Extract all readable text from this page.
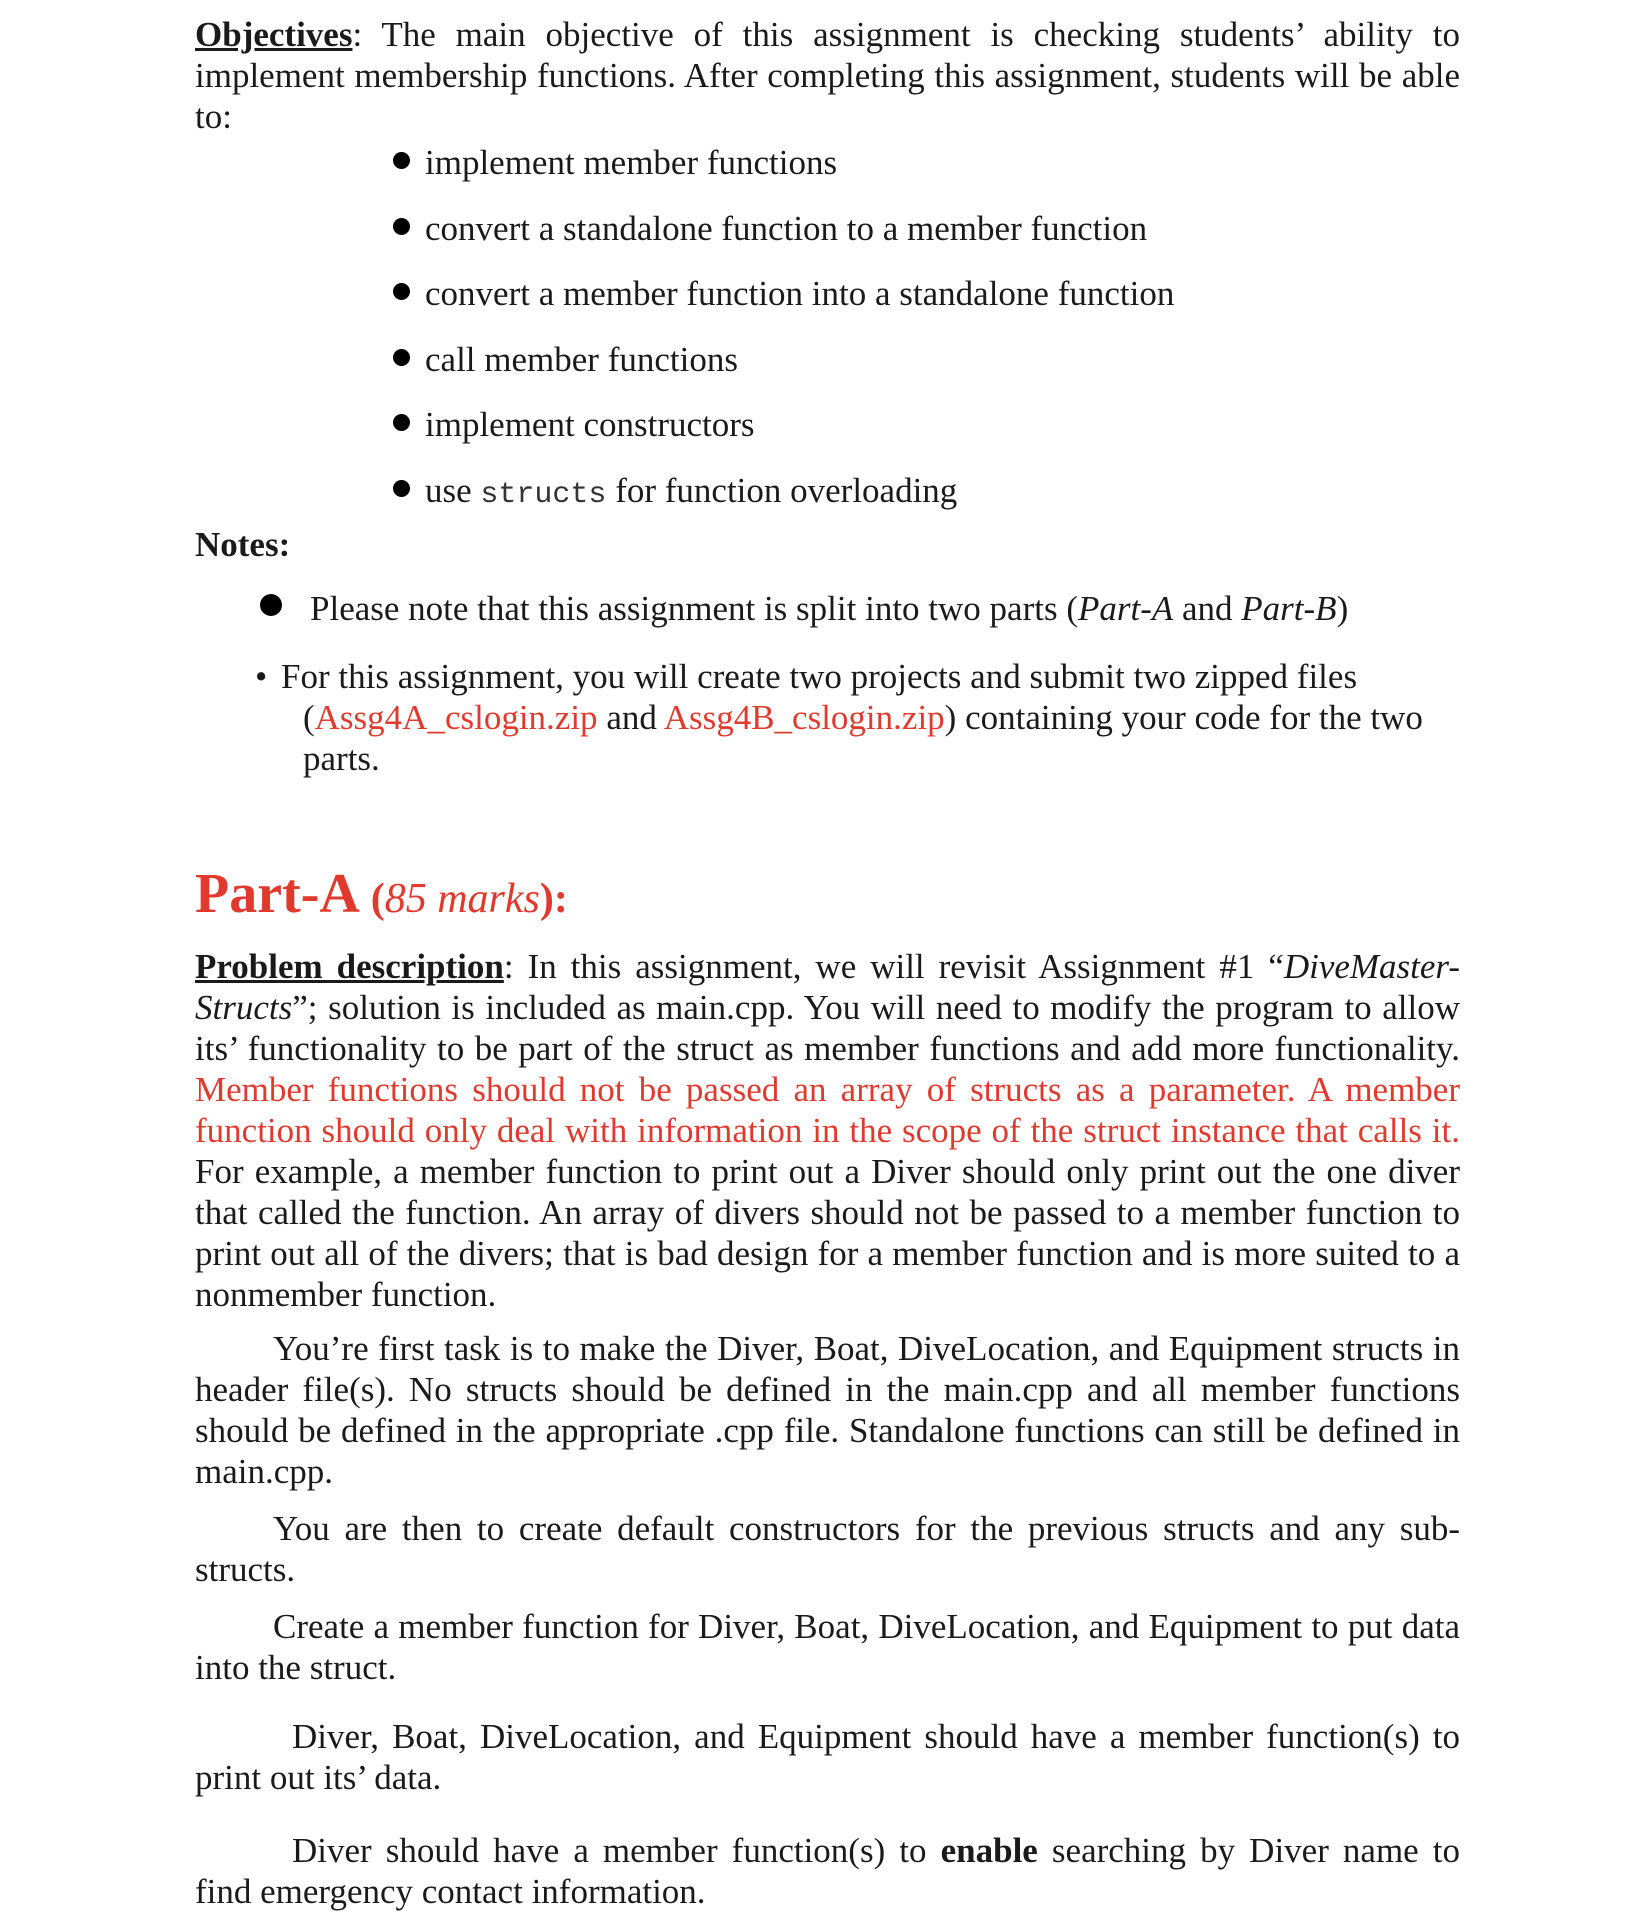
Objectives: The main objective of this assignment is checking students’ ability to implement membership functions. After completing this assignment, students will be able to:

implement member functions
convert a standalone function to a member function
convert a member function into a standalone function
call member functions
implement constructors
use structs for function overloading

Notes:

Please note that this assignment is split into two parts (Part-A and Part-B)
• For this assignment, you will create two projects and submit two zipped files
(Assg4A_cslogin.zip and Assg4B_cslogin.zip) containing your code for the two
parts.

Part-A (85 marks):

Problem description: In this assignment, we will revisit Assignment #1 “DiveMaster-Structs”; solution is included as main.cpp. You will need to modify the program to allow its’ functionality to be part of the struct as member functions and add more functionality. Member functions should not be passed an array of structs as a parameter. A member function should only deal with information in the scope of the struct instance that calls it. For example, a member function to print out a Diver should only print out the one diver that called the function. An array of divers should not be passed to a member function to print out all of the divers; that is bad design for a member function and is more suited to a nonmember function.

You’re first task is to make the Diver, Boat, DiveLocation, and Equipment structs in header file(s). No structs should be defined in the main.cpp and all member functions should be defined in the appropriate .cpp file. Standalone functions can still be defined in main.cpp.

You are then to create default constructors for the previous structs and any sub-structs.

Create a member function for Diver, Boat, DiveLocation, and Equipment to put data into the struct.

Diver, Boat, DiveLocation, and Equipment should have a member function(s) to print out its’ data.

Diver should have a member function(s) to enable searching by Diver name to find emergency contact information.
